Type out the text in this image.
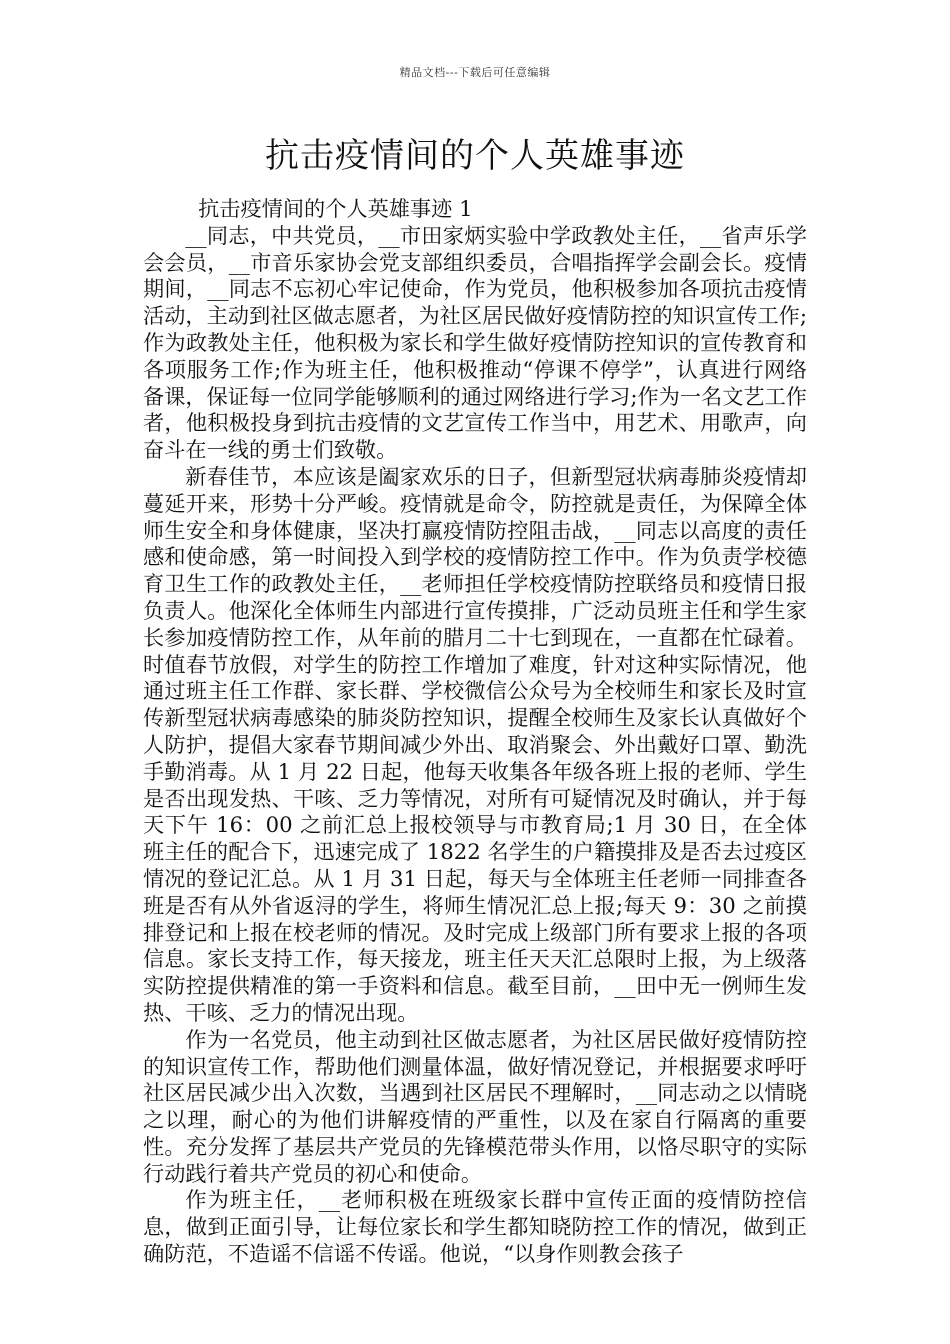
精品文档---下载后可任意编辑
抗击疫情间的个人英雄事迹

抗击疫情间的个人英雄事迹 1

__同志，中共党员，__市田家炳实验中学政教处主任，__省声乐学会会员，__市音乐家协会党支部组织委员，合唱指挥学会副会长。疫情期间，__同志不忘初心牢记使命，作为党员，他积极参加各项抗击疫情活动，主动到社区做志愿者，为社区居民做好疫情防控的知识宣传工作;作为政教处主任，他积极为家长和学生做好疫情防控知识的宣传教育和各项服务工作;作为班主任，他积极推动“停课不停学”，认真进行网络备课，保证每一位同学能够顺利的通过网络进行学习;作为一名文艺工作者，他积极投身到抗击疫情的文艺宣传工作当中，用艺术、用歌声，向奋斗在一线的勇士们致敬。

新春佳节，本应该是阖家欢乐的日子，但新型冠状病毒肺炎疫情却蔓延开来，形势十分严峻。疫情就是命令，防控就是责任，为保障全体师生安全和身体健康，坚决打赢疫情防控阻击战，__同志以高度的责任感和使命感，第一时间投入到学校的疫情防控工作中。作为负责学校德育卫生工作的政教处主任，__老师担任学校疫情防控联络员和疫情日报负责人。他深化全体师生内部进行宣传摸排，广泛动员班主任和学生家长参加疫情防控工作，从年前的腊月二十七到现在，一直都在忙碌着。时值春节放假，对学生的防控工作增加了难度，针对这种实际情况，他通过班主任工作群、家长群、学校微信公众号为全校师生和家长及时宣传新型冠状病毒感染的肺炎防控知识，提醒全校师生及家长认真做好个人防护，提倡大家春节期间减少外出、取消聚会、外出戴好口罩、勤洗手勤消毒。从 1 月 22 日起，他每天收集各年级各班上报的老师、学生是否出现发热、干咳、乏力等情况，对所有可疑情况及时确认，并于每天下午 16：00 之前汇总上报校领导与市教育局;1 月 30 日，在全体班主任的配合下，迅速完成了 1822 名学生的户籍摸排及是否去过疫区情况的登记汇总。从 1 月 31 日起，每天与全体班主任老师一同排查各班是否有从外省返浔的学生，将师生情况汇总上报;每天 9：30 之前摸排登记和上报在校老师的情况。及时完成上级部门所有要求上报的各项信息。家长支持工作，每天接龙，班主任天天汇总限时上报，为上级落实防控提供精准的第一手资料和信息。截至目前，__田中无一例师生发热、干咳、乏力的情况出现。

作为一名党员，他主动到社区做志愿者，为社区居民做好疫情防控的知识宣传工作，帮助他们测量体温，做好情况登记，并根据要求呼吁社区居民减少出入次数，当遇到社区居民不理解时，__同志动之以情晓之以理，耐心的为他们讲解疫情的严重性，以及在家自行隔离的重要性。充分发挥了基层共产党员的先锋模范带头作用，以恪尽职守的实际行动践行着共产党员的初心和使命。

作为班主任，__老师积极在班级家长群中宣传正面的疫情防控信息，做到正面引导，让每位家长和学生都知晓防控工作的情况，做到正确防范，不造谣不信谣不传谣。他说，“以身作则教会孩子
